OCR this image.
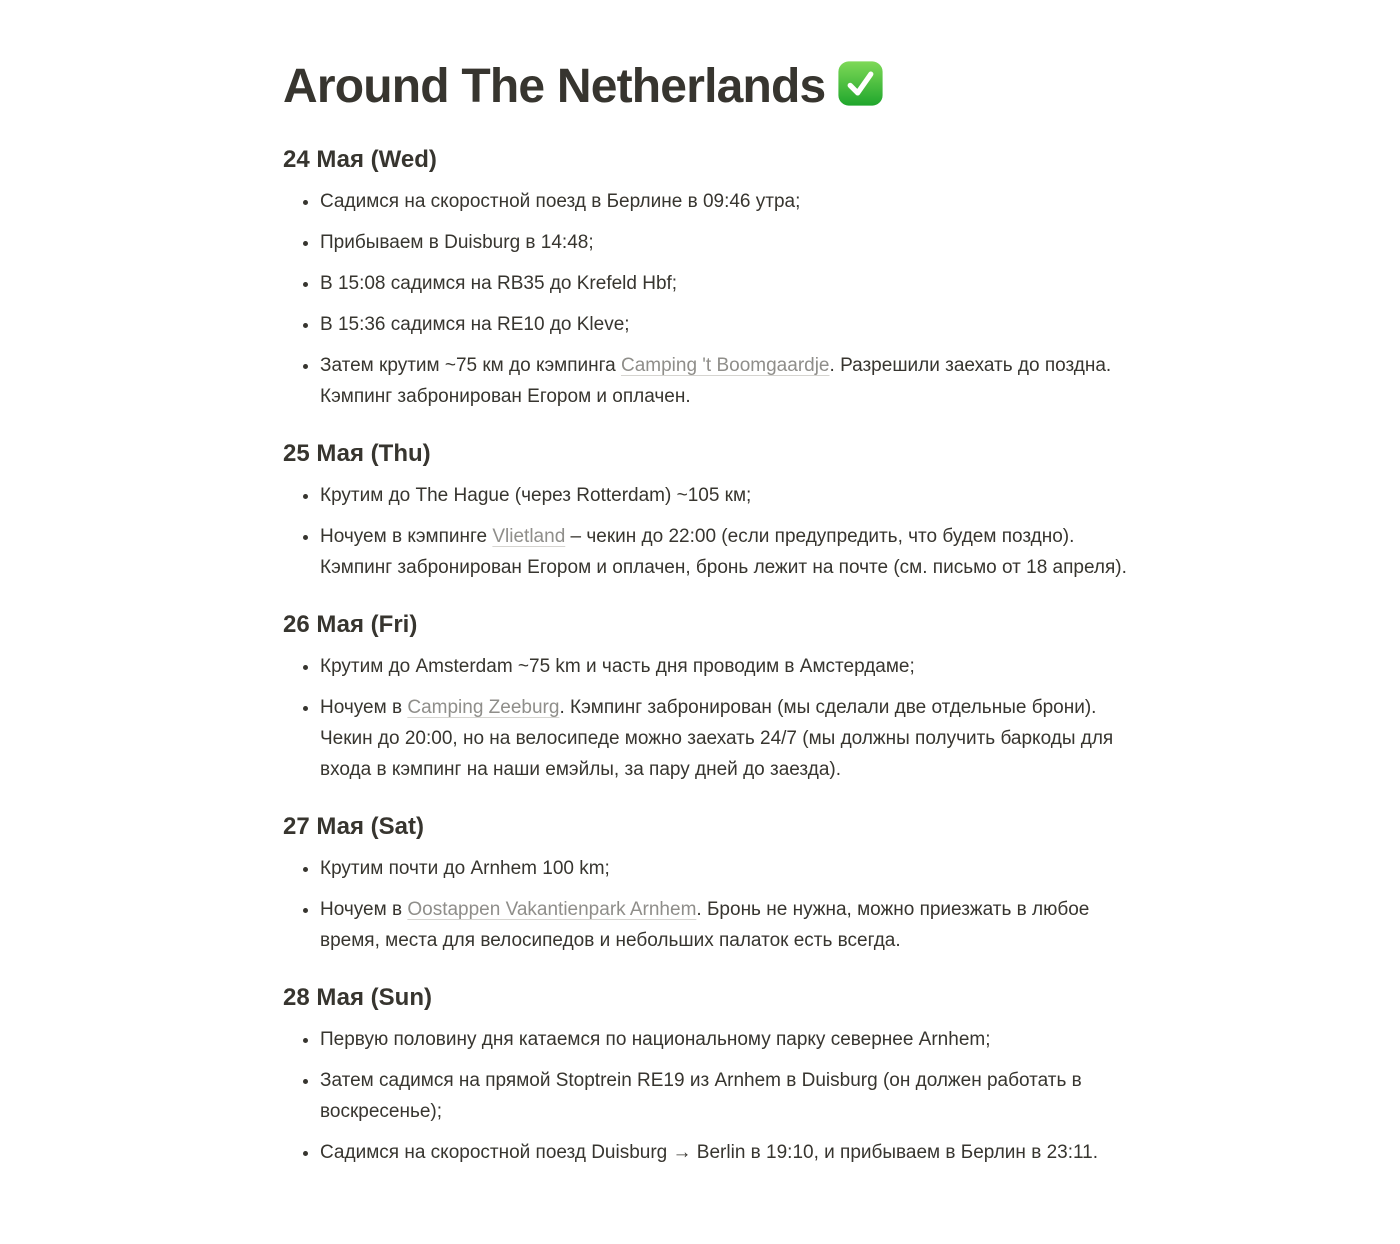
Around The Netherlands
24 Мая (Wed)
• Садимся на скоростной поезд в Берлине в 09:46 утра;
• Прибываем в Duisburg в 14:48;
• В 15:08 садимся на RB35 до Krefeld Hbf;
• В 15:36 садимся на RE10 до Kleve;
• Затем крутим ~75 км до кэмпинга Camping 't Boomgaardje. Разрешили заехать до поздна. Кэмпинг забронирован Егором и оплачен.
25 Мая (Thu)
• Крутим до The Hague (через Rotterdam) ~105 км;
• Ночуем в кэмпинге Vlietland – чекин до 22:00 (если предупредить, что будем поздно). Кэмпинг забронирован Егором и оплачен, бронь лежит на почте (см. письмо от 18 апреля).
26 Мая (Fri)
• Крутим до Amsterdam ~75 km и часть дня проводим в Амстердаме;
• Ночуем в Camping Zeeburg. Кэмпинг забронирован (мы сделали две отдельные брони). Чекин до 20:00, но на велосипеде можно заехать 24/7 (мы должны получить баркоды для входа в кэмпинг на наши емэйлы, за пару дней до заезда).
27 Мая (Sat)
• Крутим почти до Arnhem 100 km;
• Ночуем в Oostappen Vakantienpark Arnhem. Бронь не нужна, можно приезжать в любое время, места для велосипедов и небольших палаток есть всегда.
28 Мая (Sun)
• Первую половину дня катаемся по национальному парку севернее Arnhem;
• Затем садимся на прямой Stoptrein RE19 из Arnhem в Duisburg (он должен работать в воскресенье);
• Садимся на скоростной поезд Duisburg → Berlin в 19:10, и прибываем в Берлин в 23:11.
